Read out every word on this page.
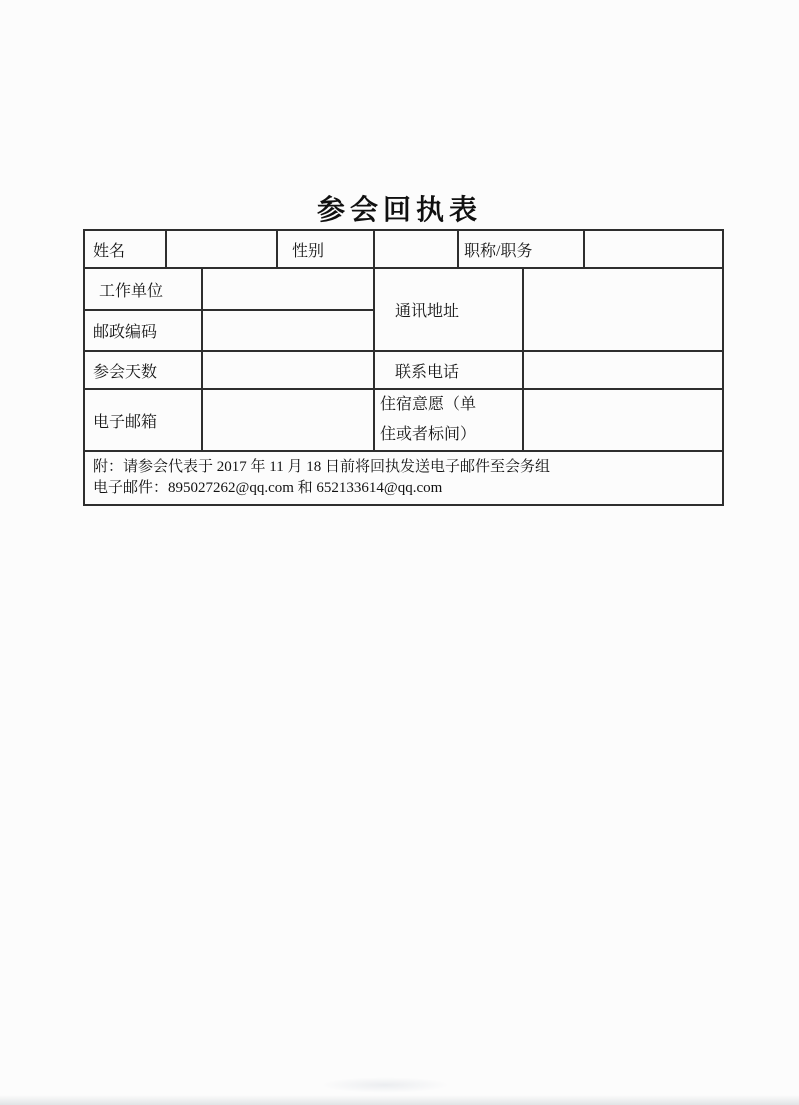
参会回执表
姓名			性别		职称/职务		
工作单位				通讯地址			
邮政编码							
参会天数				联系电话			
电子邮箱				住宿意愿（单
住或者标间）			

附：请参会代表于 2017 年 11 月 18 日前将回执发送电子邮件至会务组
电子邮件：895027262@qq.com 和 652133614@qq.com							
